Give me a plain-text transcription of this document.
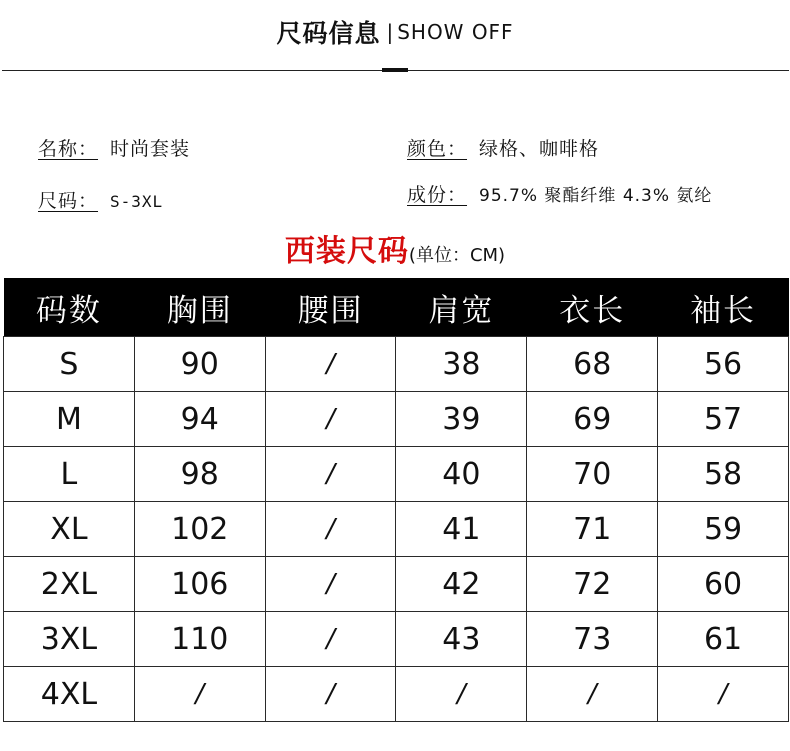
尺码信息 | SHOW OFF
名称： 时尚套装
尺码： S-3XL
颜色： 绿格、咖啡格
成份： 95.7% 聚酯纤维 4.3% 氨纶
西装尺码(单位：CM)
码数	胸围	腰围	肩宽	衣长	袖长
S	90	/	38	68	56
M	94	/	39	69	57
L	98	/	40	70	58
XL	102	/	41	71	59
2XL	106	/	42	72	60
3XL	110	/	43	73	61
4XL	/	/	/	/	/
